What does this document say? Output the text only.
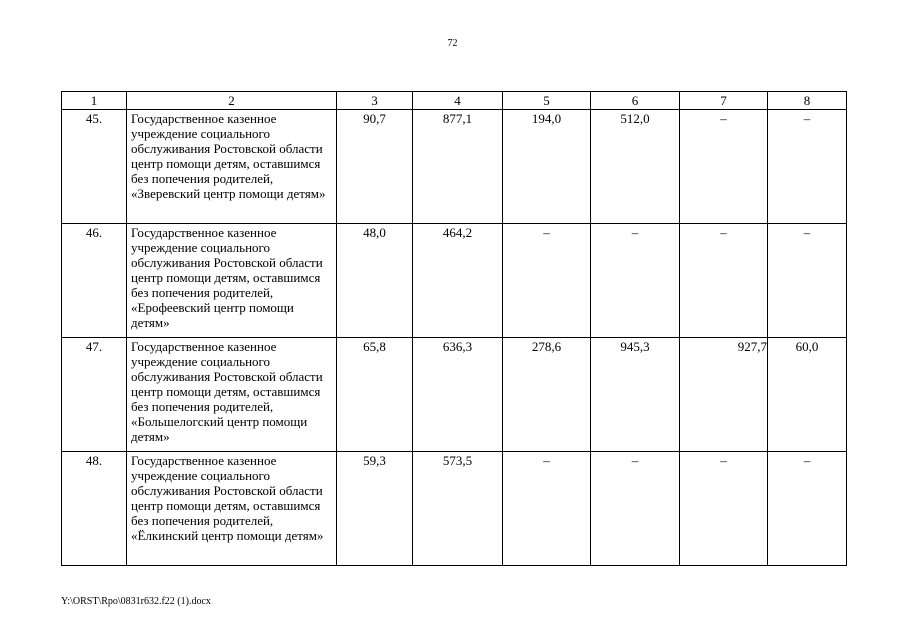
72
1	2	3	4	5	6	7	8
45.	Государственное казенное учреждение социального обслуживания Ростовской области центр помощи детям, оставшимся без попечения родителей, «Зверевский центр помощи детям»	90,7	877,1	194,0	512,0	–	–
46.	Государственное казенное учреждение социального обслуживания Ростовской области центр помощи детям, оставшимся без попечения родителей, «Ерофеевский центр помощи детям»	48,0	464,2	–	–	–	–
47.	Государственное казенное учреждение социального обслуживания Ростовской области центр помощи детям, оставшимся без попечения родителей, «Большелогский центр помощи детям»	65,8	636,3	278,6	945,3	927,7	60,0
48.	Государственное казенное учреждение социального обслуживания Ростовской области центр помощи детям, оставшимся без попечения родителей, «Ёлкинский центр помощи детям»	59,3	573,5	–	–	–	–
Y:\ORST\Rpo\0831r632.f22 (1).docx
